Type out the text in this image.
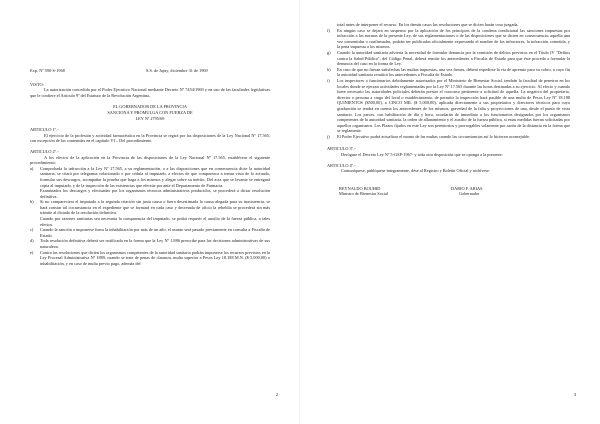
Exp. Nº 590-S-1968	S.S. de Jujuy, diciembre 31 de 1969

VISTO:

La autorización concedida por el Poder Ejecutivo Nacional mediante Decreto Nº 7454/1969 y en uso de las facultades legislativas que le confiere el Artículo 9º del Estatuto de la Revolución Argentina,

EL GOBERNADOR DE LA PROVINCIA

SANCIONA Y PROMULGA CON FUERZA DE

LEY Nº 2795/69

ARTICULO 1º.-

El ejercicio de la profesión y actividad farmacéutica en la Provincia se regirá por las disposiciones de la Ley Nacional Nº 17.565, con excepción de las contenidas en el capítulo VI – Del procedimiento.

ARTICULO 2º.-

A los efectos de la aplicación en la Provincia de las disposiciones de la Ley Nacional Nº 17.565, establécese el siguiente procedimiento:

a)	Comprobada la infracción a la Ley Nº 17.565, a su reglamentación, o a las disposiciones que en consecuencia dicte la autoridad sanitaria, se citará por telegrama colacionado o por cédula al imputado, a efectos de que comparezca a tomar vista de lo actuado, formular sus descargos, acompañar la prueba que haga a los mismos y alegar sobre su mérito. Del acta que se levante se entregará copia al imputado, y de la inspección de las existencias que efectúe por ante el Departamento de Farmacia.
Examinados los descargos y efectuadas por los organismos técnicos administrativos producidos, se procederá a dictar resolución definitiva.
b)	Si no compareciera el imputado a la segunda citación sin justa causa o fuera desestimada la causa alegada para su inasistencia, se hará constar tal circunstancia en el expediente que se formará en cada caso y decretada de oficio la rebeldía se procederá sin más trámite al dictado de la resolución definitiva.
Cuando por razones sanitarias sea necesaria la comparencia del imputado, se podrá requerir el auxilio de la fuerza pública, a tales efectos.
c)	Cuando la sanción a imponerse fuera la inhabilitación por más de un año, el asunto será pasado previamente en consulta a Fiscalía de Estado.
d)	Toda resolución definitiva deberá ser notificada en la forma que la Ley Nº 1.886 prescribe para las decisiones administrativas de sus naturaleza.
e)	Contra las resoluciones que dicten los organismos competentes de la autoridad sanitaria podrán imponerse los recursos previstos en la Ley Procesal Administrativa Nº 1889, cuando se trate de penas de clausura, multa superior a Pesos Ley 18.188 M.N. ($ 5.000,00) o inhabilitación, y en caso de multa previo pago, además del
2

total antes de interponer el recurso. En los demás casos las resoluciones que se dicten harán cosa juzgada.

f)	En ningún caso se dejará en suspenso por la aplicación de los principios de la condena condicional las sanciones impuestas por infracción a las normas de la presente Ley, de sus reglamentaciones o de las disposiciones que se dicten en consecuencia; aquella una vez consentidas o confirmadas, podrán ser publicadas oficialmente expresando el nombre de los infractores, la infracción cometida, y la pena impuesta a los mismos.
g)	Cuando la autoridad sanitaria advierta la necesidad de formular denuncia por la comisión de delitos previstos en el Título IV "Delitos contra la Salud Pública", del Código Penal, deberá remitir los antecedentes a Fiscalía de Estado para que éste proceda a formular la denuncia del caso en la forma de Ley.
h)	En caso de que no fueran satisfechas las multas impuestas, una vez firmes, deberá expedirse la vía de apremio para su cobro, a cuyo fin la autoridad sanitaria remitirá los antecedentes a Fiscalía de Estado.
i)	Los inspectores o funcionarios debidamente autorizados por el Ministerio de Bienestar Social, tendrán la facultad de penetrar en los locales donde se ejerzan actividades reglamentadas por la Ley Nº 17.565 durante las horas destinadas a su ejercicio. Al efecto y cuando fuere necesario las autoridades policiales deberán prestar el concurso pertinente a solicitud de aquella. La negativa del propietario, director o persona a cargo del local o establecimiento, de permitir la inspección hará pasible de una multa de Pesos Ley Nº 18.188 QUINIENTOS ($500,00), a CINCO MIL ($ 5.000,00), aplicada directamente a sus propietarios y directores técnicos para cuyo graduación se tendrá en cuenta los antecedentes de los mismos, gravedad de la falta y proyecciones de una, desde el punto de vista sanitario. Los jueces, con habilitación de día y hora, acordarán de inmediato a los funcionarios designados por los organismos competentes de la autoridad sanitaria, la orden de allanamiento y el auxilio de la fuerza pública, si estas medidas fueran solicitadas por aquellos organismos. Los Plazos fijados en este Ley son perentorios y prorrogables solamente por razón de la distancia en la forma que se reglamente.
j)	El Poder Ejecutivo podrá actualizar el monto de las multas cuando las circunstancias así lo hicieran aconsejable.

ARTICULO 3º.-

Derógase el Decreto Ley Nº 5-GSP-1967- y toda otra disposición que se oponga a la presente.

ARTICULO 4º.-

Comuníquese, publíquese íntegramente, dése al Registro y Boletín Oficial y archívese.

REYNALDO BOUHID
Ministro de Bienestar Social
DARIO F. ARIAS
Gobernador
3
